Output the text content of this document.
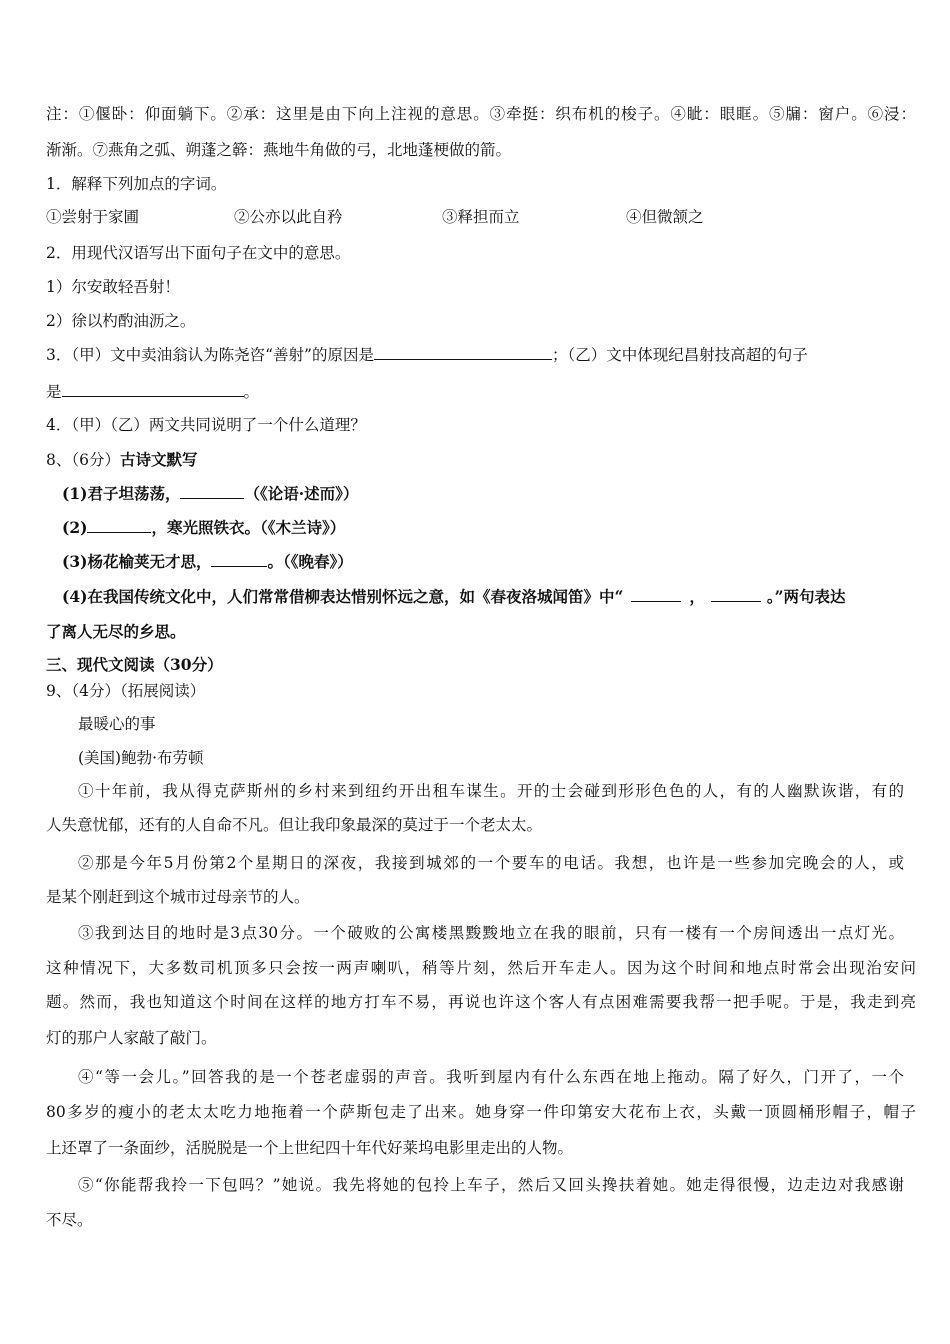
注：①偃卧：仰面躺下。②承：这里是由下向上注视的意思。③牵挺：织布机的梭子。④眦：眼眶。⑤牖：窗户。⑥浸：
渐渐。⑦燕角之弧、朔蓬之簳：燕地牛角做的弓，北地蓬梗做的箭。
1．解释下列加点的字词。
①尝射于家圃	②公亦以此自矜	③释担而立	④但微颔之
2．用现代汉语写出下面句子在文中的意思。
1）尔安敢轻吾射！
2）徐以杓酌油沥之。
3．（甲）文中卖油翁认为陈尧咨“善射”的原因是	；（乙）文中体现纪昌射技高超的句子
是	。
4．（甲）（乙）两文共同说明了一个什么道理？
8、（6分）古诗文默写
(1)君子坦荡荡，	（《论语·述而》）
(2)	，寒光照铁衣。（《木兰诗》）
(3)杨花榆荚无才思，	。（《晚春》）
(4)在我国传统文化中，人们常常借柳表达惜别怀远之意，如《春夜洛城闻笛》中“	，	。”两句表达
了离人无尽的乡思。
三、现代文阅读（30分）
9、（4分）（拓展阅读）
最暖心的事
(美国)鲍勃·布劳顿
①十年前，我从得克萨斯州的乡村来到纽约开出租车谋生。开的士会碰到形形色色的人，有的人幽默诙谐，有的
人失意忧郁，还有的人自命不凡。但让我印象最深的莫过于一个老太太。
②那是今年5月份第2个星期日的深夜，我接到城郊的一个要车的电话。我想，也许是一些参加完晚会的人，或
是某个刚赶到这个城市过母亲节的人。
③我到达目的地时是3点30分。一个破败的公寓楼黑黢黢地立在我的眼前，只有一楼有一个房间透出一点灯光。
这种情况下，大多数司机顶多只会按一两声喇叭，稍等片刻，然后开车走人。因为这个时间和地点时常会出现治安问
题。然而，我也知道这个时间在这样的地方打车不易，再说也许这个客人有点困难需要我帮一把手呢。于是，我走到亮
灯的那户人家敲了敲门。
④“等一会儿。”回答我的是一个苍老虚弱的声音。我听到屋内有什么东西在地上拖动。隔了好久，门开了，一个
80多岁的瘦小的老太太吃力地拖着一个萨斯包走了出来。她身穿一件印第安大花布上衣，头戴一顶圆桶形帽子，帽子
上还罩了一条面纱，活脱脱是一个上世纪四十年代好莱坞电影里走出的人物。
⑤“你能帮我拎一下包吗？”她说。我先将她的包拎上车子，然后又回头搀扶着她。她走得很慢，边走边对我感谢
不尽。
